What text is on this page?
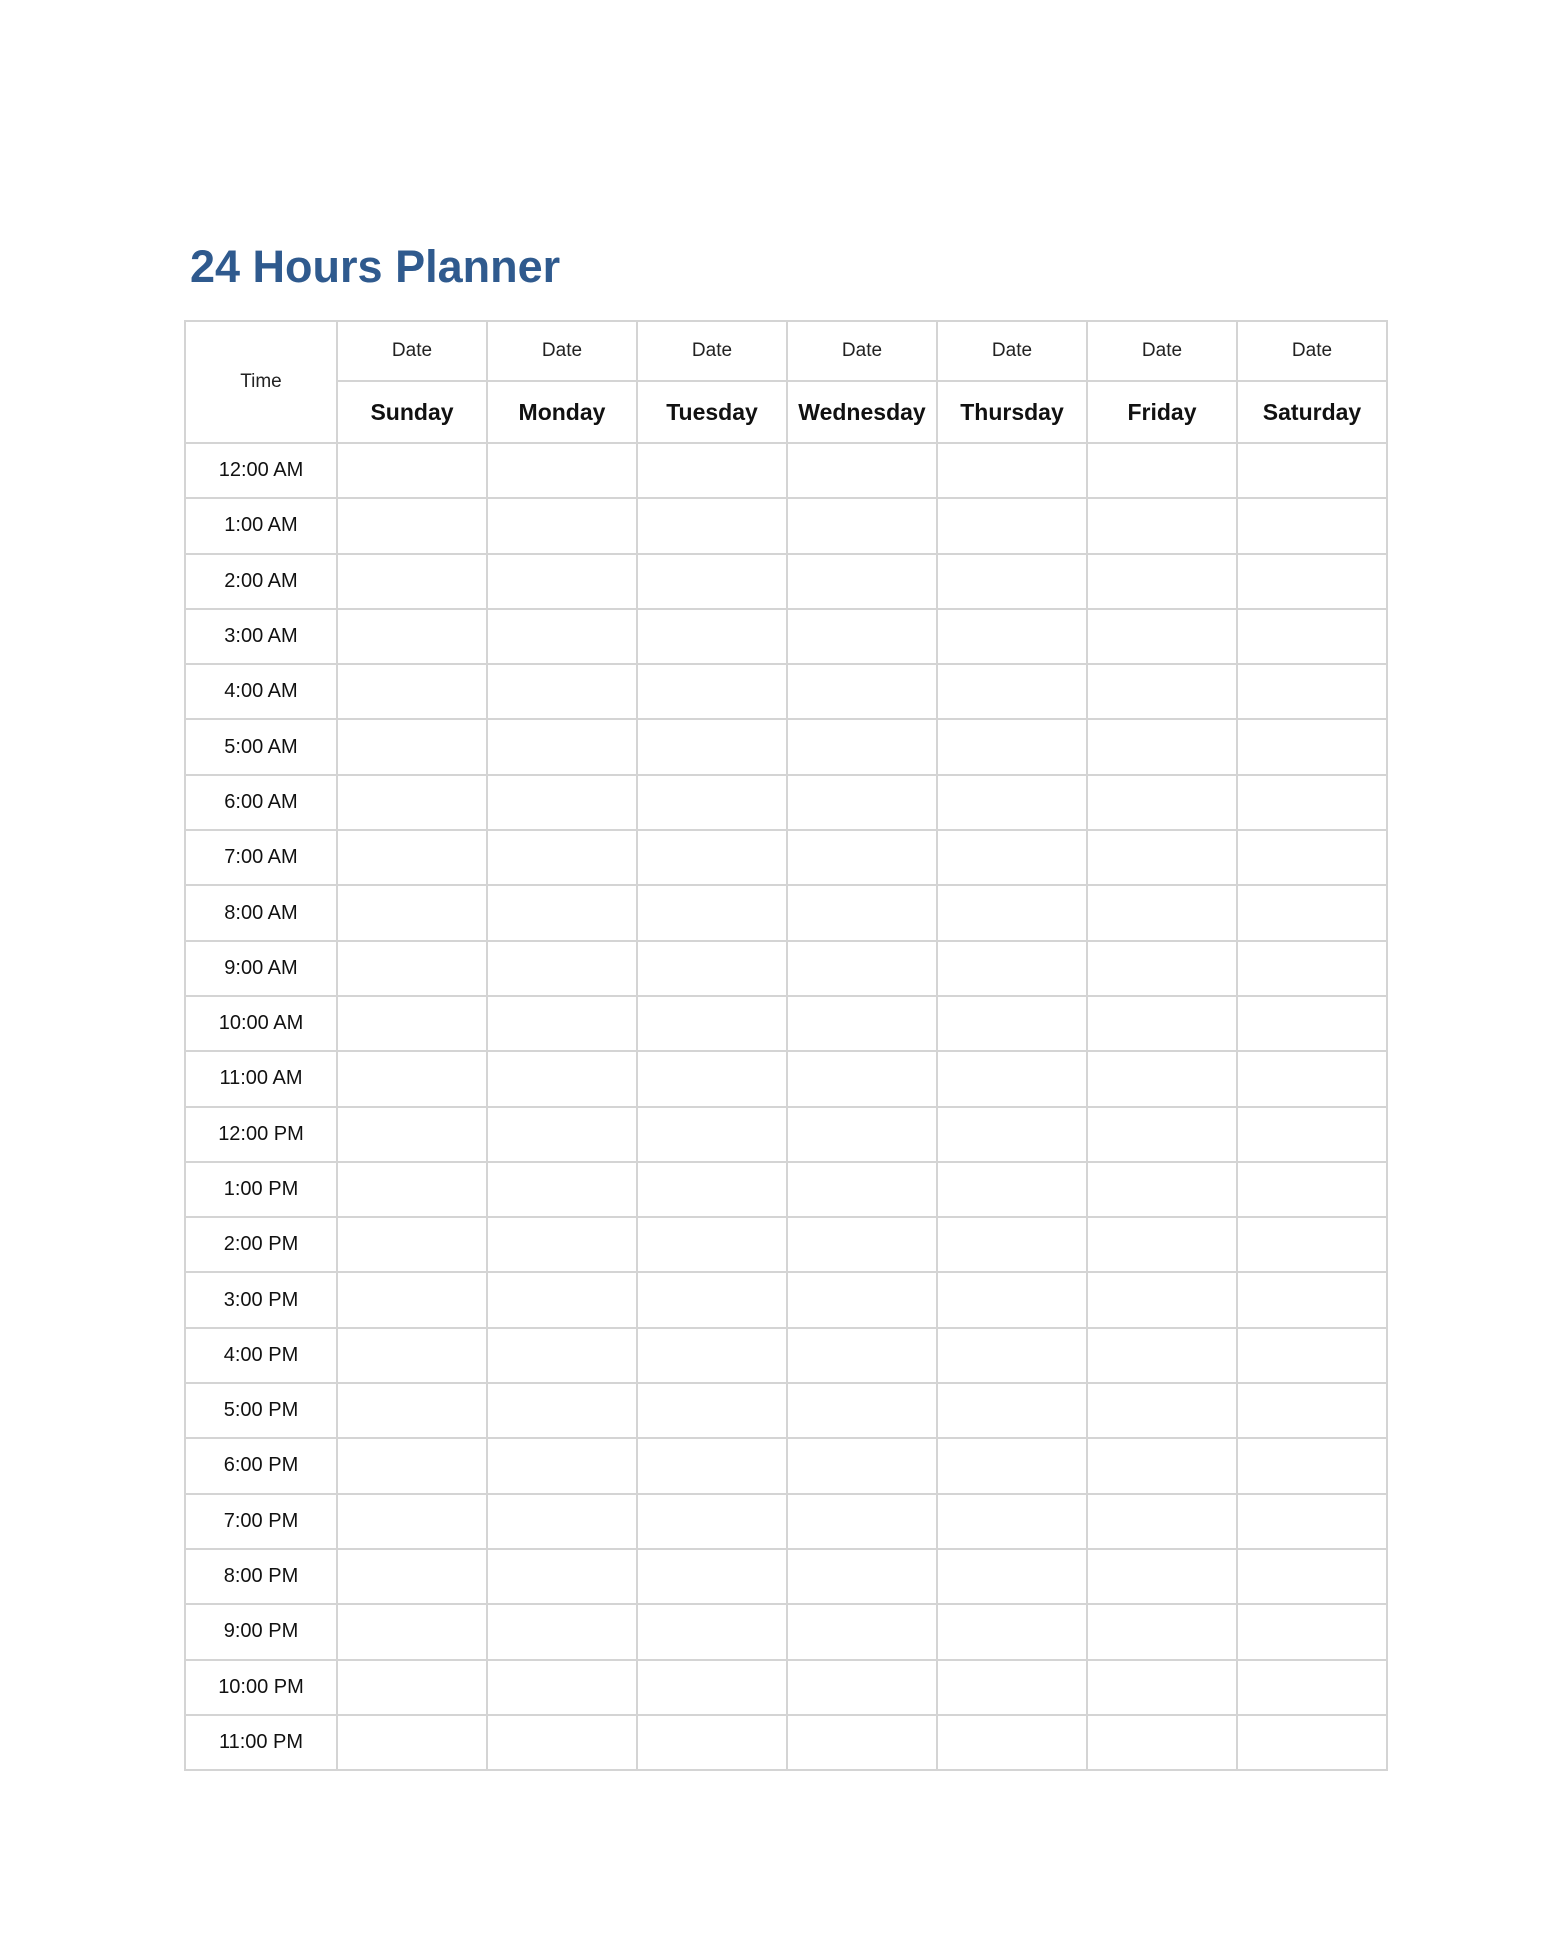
24 Hours Planner
Time	Date	Date	Date	Date	Date	Date	Date
	Sunday	Monday	Tuesday	Wednesday	Thursday	Friday	Saturday
12:00 AM							
1:00 AM							
2:00 AM							
3:00 AM							
4:00 AM							
5:00 AM							
6:00 AM							
7:00 AM							
8:00 AM							
9:00 AM							
10:00 AM							
11:00 AM							
12:00 PM							
1:00 PM							
2:00 PM							
3:00 PM							
4:00 PM							
5:00 PM							
6:00 PM							
7:00 PM							
8:00 PM							
9:00 PM							
10:00 PM							
11:00 PM							
